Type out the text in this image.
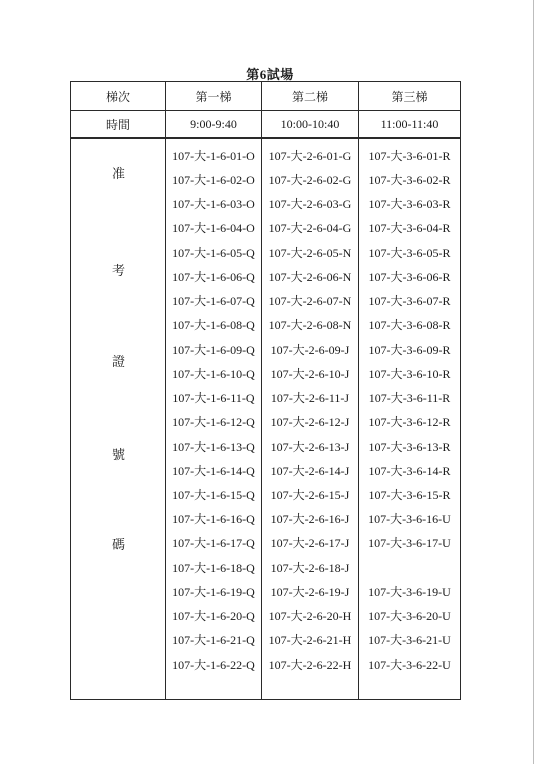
第6試場
梯次	第一梯	第二梯	第三梯
時間	9:00-9:40	10:00-10:40	11:00-11:40

准
考
證
號
碼	107-大-1-6-01-O	107-大-2-6-01-G	107-大-3-6-01-R
	107-大-1-6-02-O	107-大-2-6-02-G	107-大-3-6-02-R
	107-大-1-6-03-O	107-大-2-6-03-G	107-大-3-6-03-R
	107-大-1-6-04-O	107-大-2-6-04-G	107-大-3-6-04-R
	107-大-1-6-05-Q	107-大-2-6-05-N	107-大-3-6-05-R
	107-大-1-6-06-Q	107-大-2-6-06-N	107-大-3-6-06-R
	107-大-1-6-07-Q	107-大-2-6-07-N	107-大-3-6-07-R
	107-大-1-6-08-Q	107-大-2-6-08-N	107-大-3-6-08-R
	107-大-1-6-09-Q	107-大-2-6-09-J	107-大-3-6-09-R
	107-大-1-6-10-Q	107-大-2-6-10-J	107-大-3-6-10-R
	107-大-1-6-11-Q	107-大-2-6-11-J	107-大-3-6-11-R
	107-大-1-6-12-Q	107-大-2-6-12-J	107-大-3-6-12-R
	107-大-1-6-13-Q	107-大-2-6-13-J	107-大-3-6-13-R
	107-大-1-6-14-Q	107-大-2-6-14-J	107-大-3-6-14-R
	107-大-1-6-15-Q	107-大-2-6-15-J	107-大-3-6-15-R
	107-大-1-6-16-Q	107-大-2-6-16-J	107-大-3-6-16-U
	107-大-1-6-17-Q	107-大-2-6-17-J	107-大-3-6-17-U
	107-大-1-6-18-Q	107-大-2-6-18-J	
	107-大-1-6-19-Q	107-大-2-6-19-J	107-大-3-6-19-U
	107-大-1-6-20-Q	107-大-2-6-20-H	107-大-3-6-20-U
	107-大-1-6-21-Q	107-大-2-6-21-H	107-大-3-6-21-U
	107-大-1-6-22-Q	107-大-2-6-22-H	107-大-3-6-22-U
